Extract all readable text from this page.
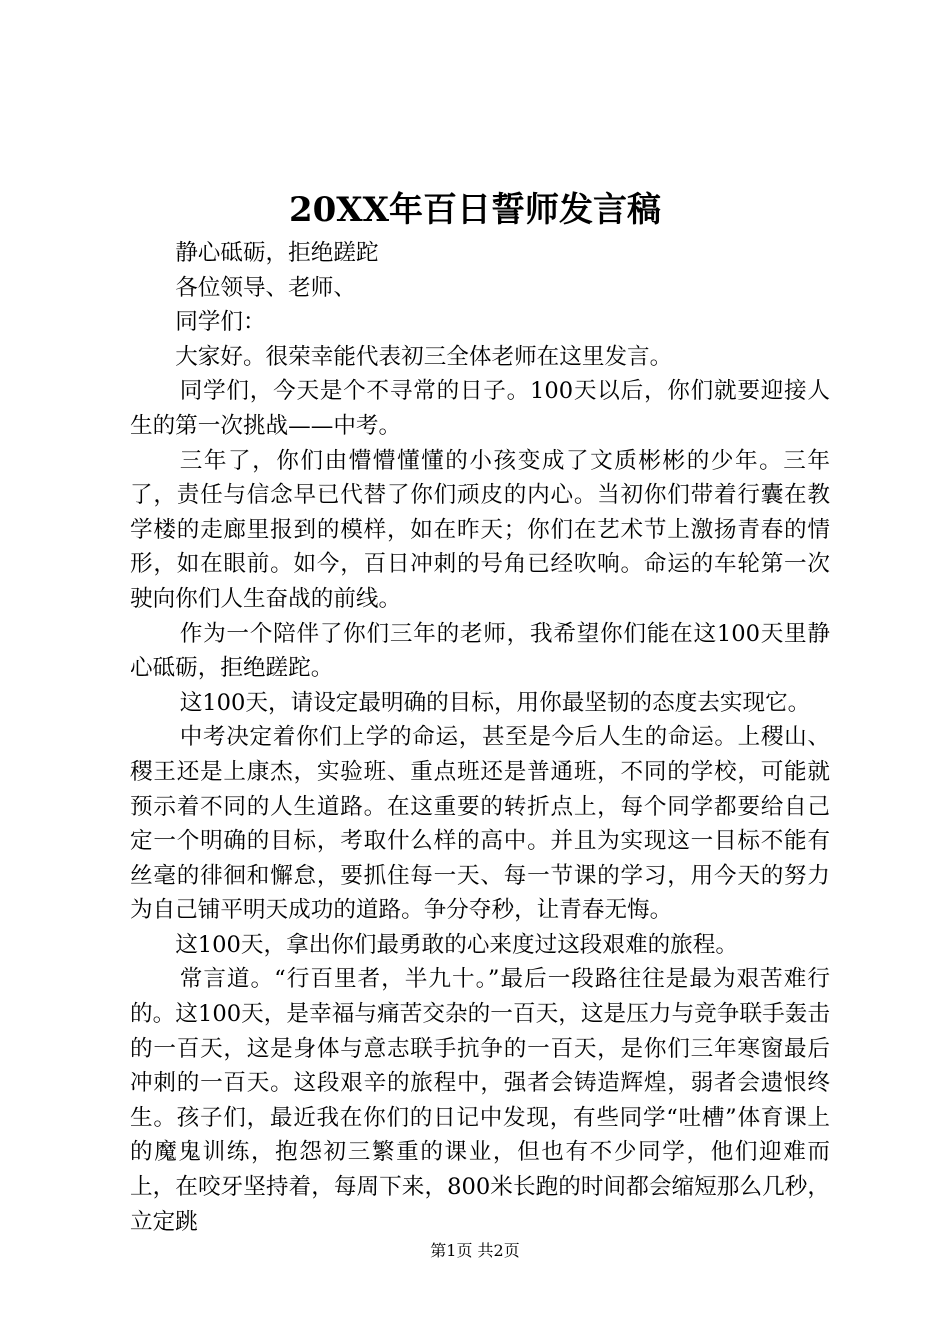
20XX年百日誓师发言稿

静心砥砺，拒绝蹉跎

各位领导、老师、

同学们：

大家好。很荣幸能代表初三全体老师在这里发言。

同学们，今天是个不寻常的日子。100天以后，你们就要迎接人生的第一次挑战——中考。

三年了，你们由懵懵懂懂的小孩变成了文质彬彬的少年。三年了，责任与信念早已代替了你们顽皮的内心。当初你们带着行囊在教学楼的走廊里报到的模样，如在昨天；你们在艺术节上激扬青春的情形，如在眼前。如今，百日冲刺的号角已经吹响。命运的车轮第一次驶向你们人生奋战的前线。

作为一个陪伴了你们三年的老师，我希望你们能在这100天里静心砥砺，拒绝蹉跎。

这100天，请设定最明确的目标，用你最坚韧的态度去实现它。

中考决定着你们上学的命运，甚至是今后人生的命运。上稷山、稷王还是上康杰，实验班、重点班还是普通班，不同的学校，可能就预示着不同的人生道路。在这重要的转折点上，每个同学都要给自己定一个明确的目标，考取什么样的高中。并且为实现这一目标不能有丝毫的徘徊和懈怠，要抓住每一天、每一节课的学习，用今天的努力为自己铺平明天成功的道路。争分夺秒，让青春无悔。

这100天，拿出你们最勇敢的心来度过这段艰难的旅程。

常言道。“行百里者，半九十。”最后一段路往往是最为艰苦难行的。这100天，是幸福与痛苦交杂的一百天，这是压力与竞争联手轰击的一百天，这是身体与意志联手抗争的一百天，是你们三年寒窗最后冲刺的一百天。这段艰辛的旅程中，强者会铸造辉煌，弱者会遗恨终生。孩子们，最近我在你们的日记中发现，有些同学“吐槽”体育课上的魔鬼训练，抱怨初三繁重的课业，但也有不少同学，他们迎难而上，在咬牙坚持着，每周下来，800米长跑的时间都会缩短那么几秒，立定跳

第1页 共2页
